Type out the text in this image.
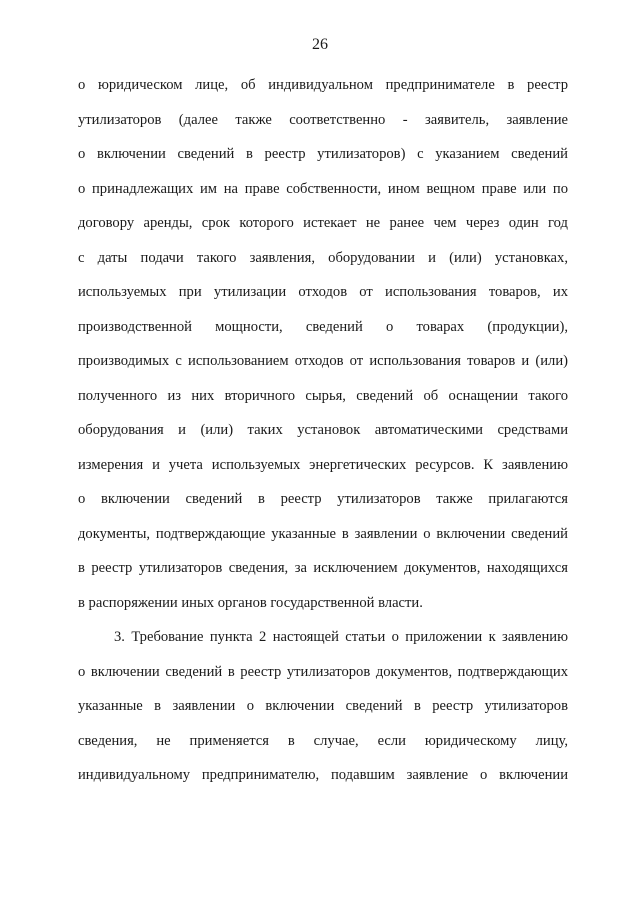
26
о юридическом лице, об индивидуальном предпринимателе в реестр
утилизаторов (далее также соответственно - заявитель, заявление
о включении сведений в реестр утилизаторов) с указанием сведений
о принадлежащих им на праве собственности, ином вещном праве или по
договору аренды, срок которого истекает не ранее чем через один год
с даты подачи такого заявления, оборудовании и (или) установках,
используемых при утилизации отходов от использования товаров, их
производственной мощности, сведений о товарах (продукции),
производимых с использованием отходов от использования товаров и (или)
полученного из них вторичного сырья, сведений об оснащении такого
оборудования и (или) таких установок автоматическими средствами
измерения и учета используемых энергетических ресурсов. К заявлению
о включении сведений в реестр утилизаторов также прилагаются
документы, подтверждающие указанные в заявлении о включении сведений
в реестр утилизаторов сведения, за исключением документов, находящихся
в распоряжении иных органов государственной власти.
3. Требование пункта 2 настоящей статьи о приложении к заявлению
о включении сведений в реестр утилизаторов документов, подтверждающих
указанные в заявлении о включении сведений в реестр утилизаторов
сведения, не применяется в случае, если юридическому лицу,
индивидуальному предпринимателю, подавшим заявление о включении
